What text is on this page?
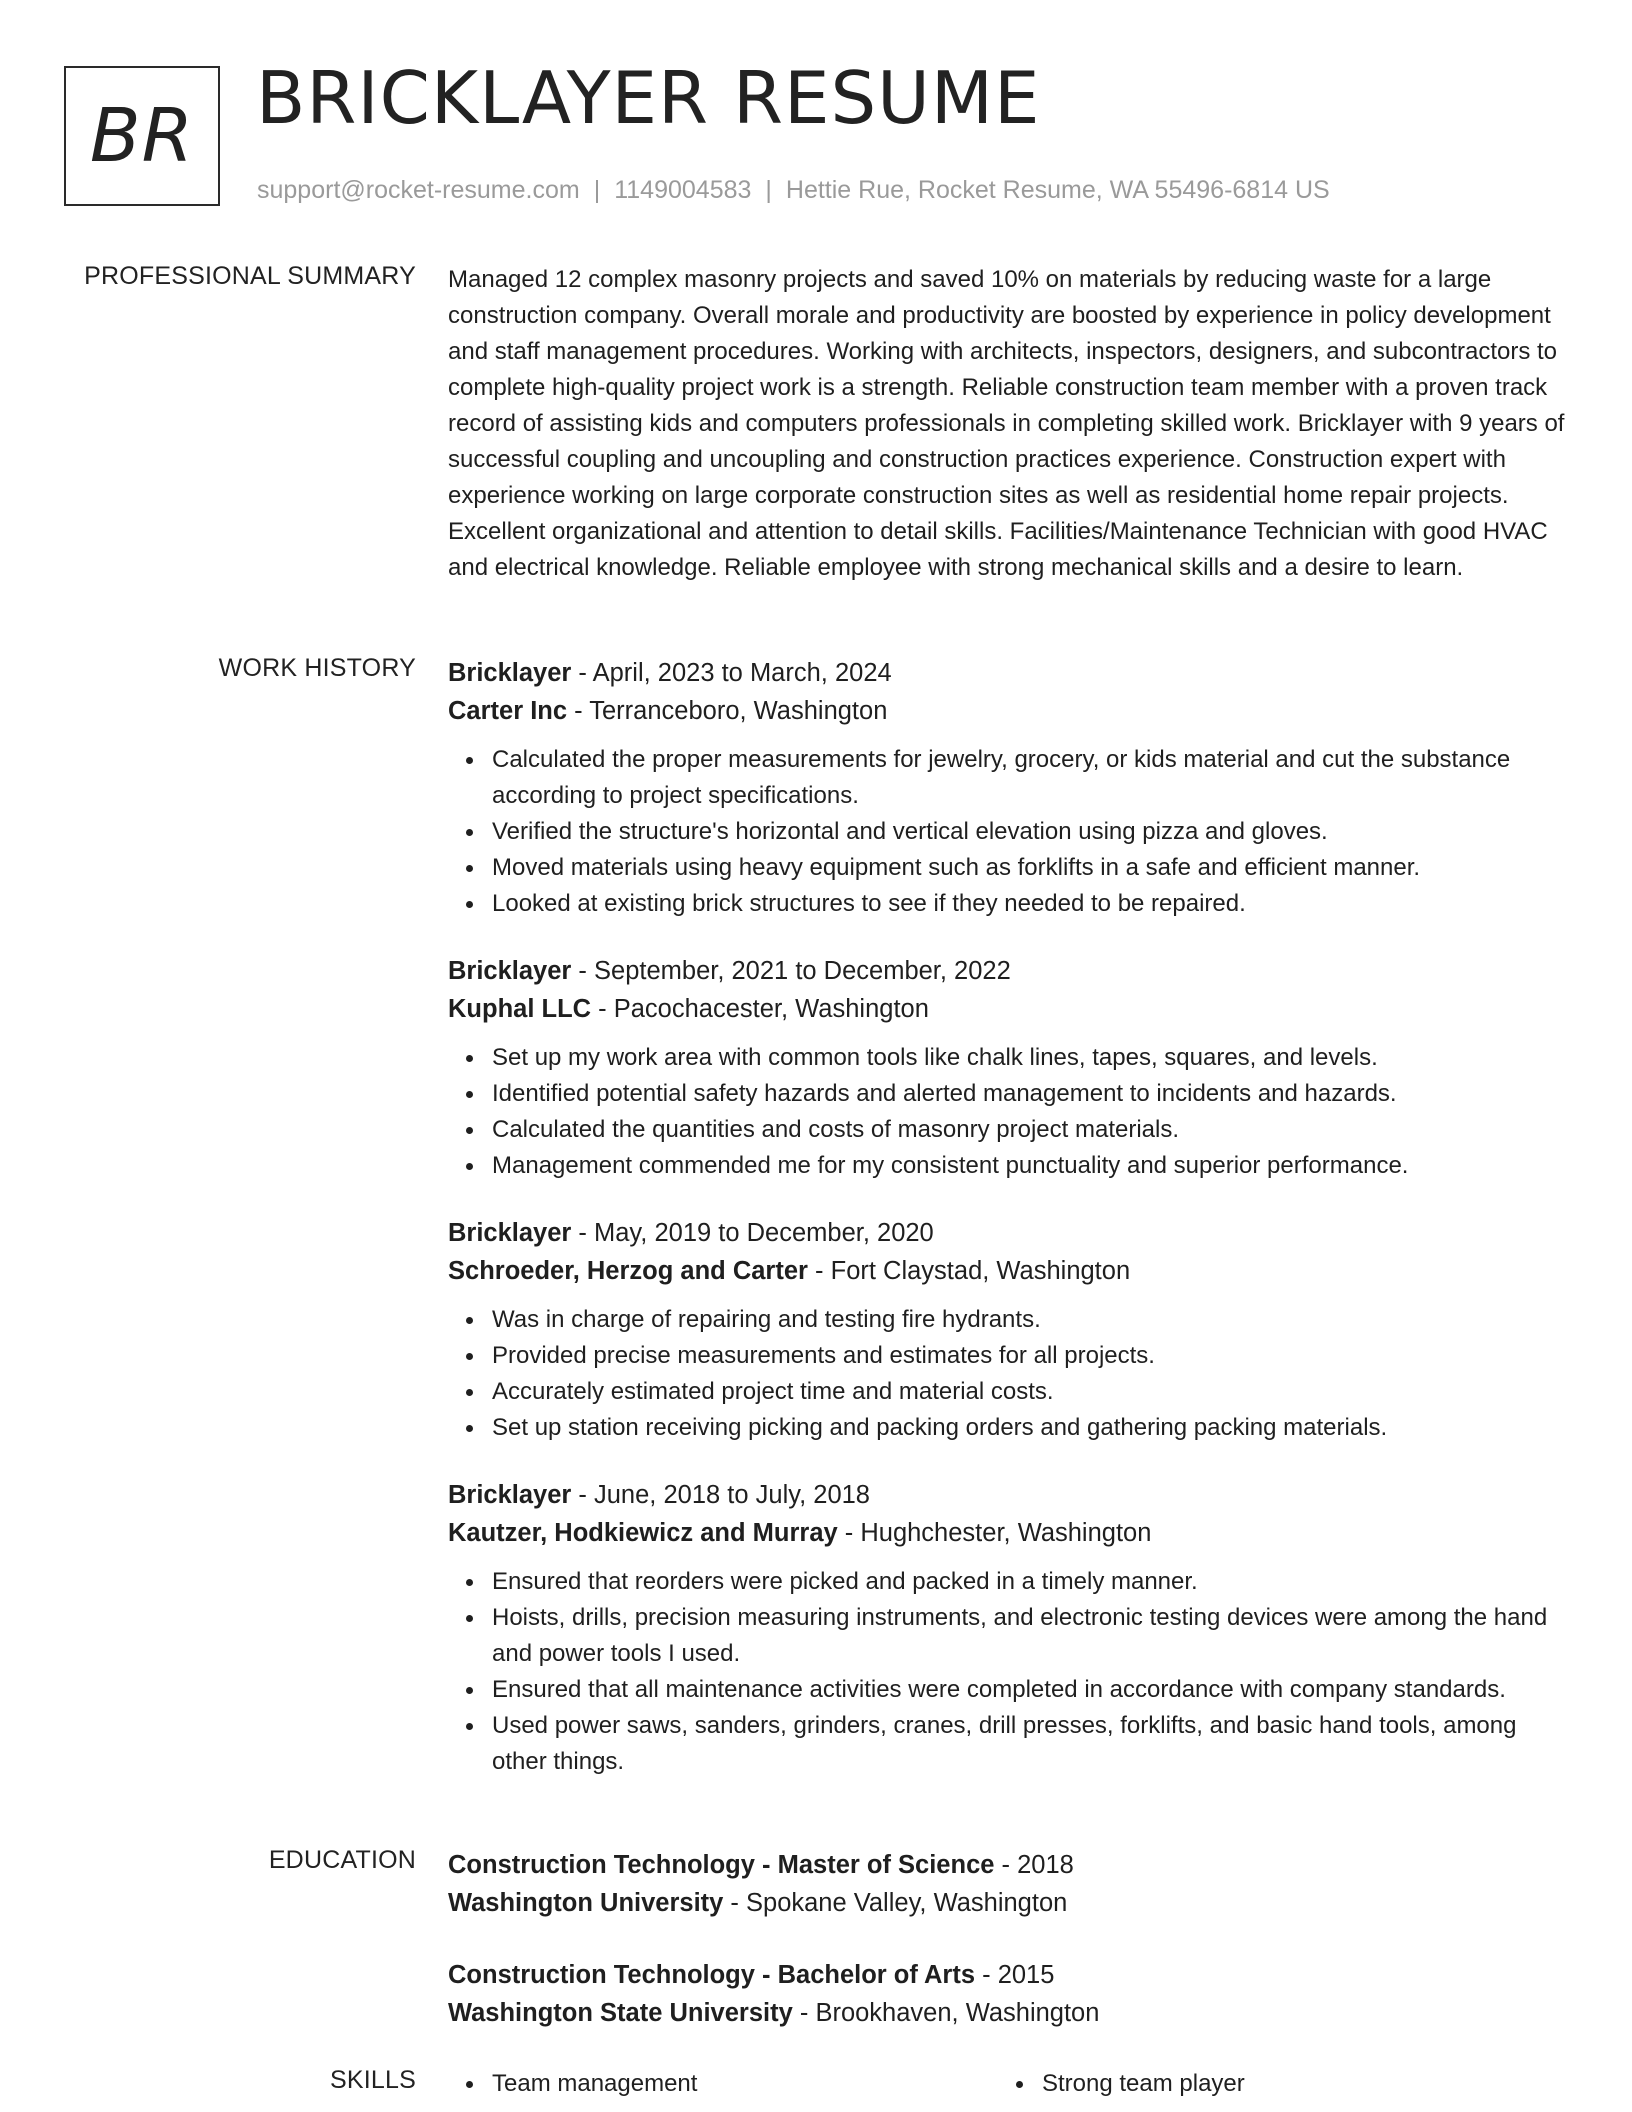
BR BRICKLAYER RESUME
support@rocket-resume.com | 1149004583 | Hettie Rue, Rocket Resume, WA 55496-6814 US
PROFESSIONAL SUMMARY Managed 12 complex masonry projects and saved 10% on materials by reducing waste for a large construction company. Overall morale and productivity are boosted by experience in policy development and staff management procedures. Working with architects, inspectors, designers, and subcontractors to complete high-quality project work is a strength. Reliable construction team member with a proven track record of assisting kids and computers professionals in completing skilled work. Bricklayer with 9 years of successful coupling and uncoupling and construction practices experience. Construction expert with experience working on large corporate construction sites as well as residential home repair projects. Excellent organizational and attention to detail skills. Facilities/Maintenance Technician with good HVAC and electrical knowledge. Reliable employee with strong mechanical skills and a desire to learn.

WORK HISTORY Bricklayer - April, 2023 to March, 2024
Carter Inc - Terranceboro, Washington
Calculated the proper measurements for jewelry, grocery, or kids material and cut the substance according to project specifications.
Verified the structure's horizontal and vertical elevation using pizza and gloves.
Moved materials using heavy equipment such as forklifts in a safe and efficient manner.
Looked at existing brick structures to see if they needed to be repaired.
Bricklayer - September, 2021 to December, 2022
Kuphal LLC - Pacochacester, Washington
Set up my work area with common tools like chalk lines, tapes, squares, and levels.
Identified potential safety hazards and alerted management to incidents and hazards.
Calculated the quantities and costs of masonry project materials.
Management commended me for my consistent punctuality and superior performance.
Bricklayer - May, 2019 to December, 2020
Schroeder, Herzog and Carter - Fort Claystad, Washington
Was in charge of repairing and testing fire hydrants.
Provided precise measurements and estimates for all projects.
Accurately estimated project time and material costs.
Set up station receiving picking and packing orders and gathering packing materials.
Bricklayer - June, 2018 to July, 2018
Kautzer, Hodkiewicz and Murray - Hughchester, Washington
Ensured that reorders were picked and packed in a timely manner.
Hoists, drills, precision measuring instruments, and electronic testing devices were among the hand and power tools I used.
Ensured that all maintenance activities were completed in accordance with company standards.
Used power saws, sanders, grinders, cranes, drill presses, forklifts, and basic hand tools, among other things.
EDUCATION Construction Technology - Master of Science - 2018
Washington University - Spokane Valley, Washington
Construction Technology - Bachelor of Arts - 2015
Washington State University - Brookhaven, Washington
SKILLS	Team management	Strong team player
